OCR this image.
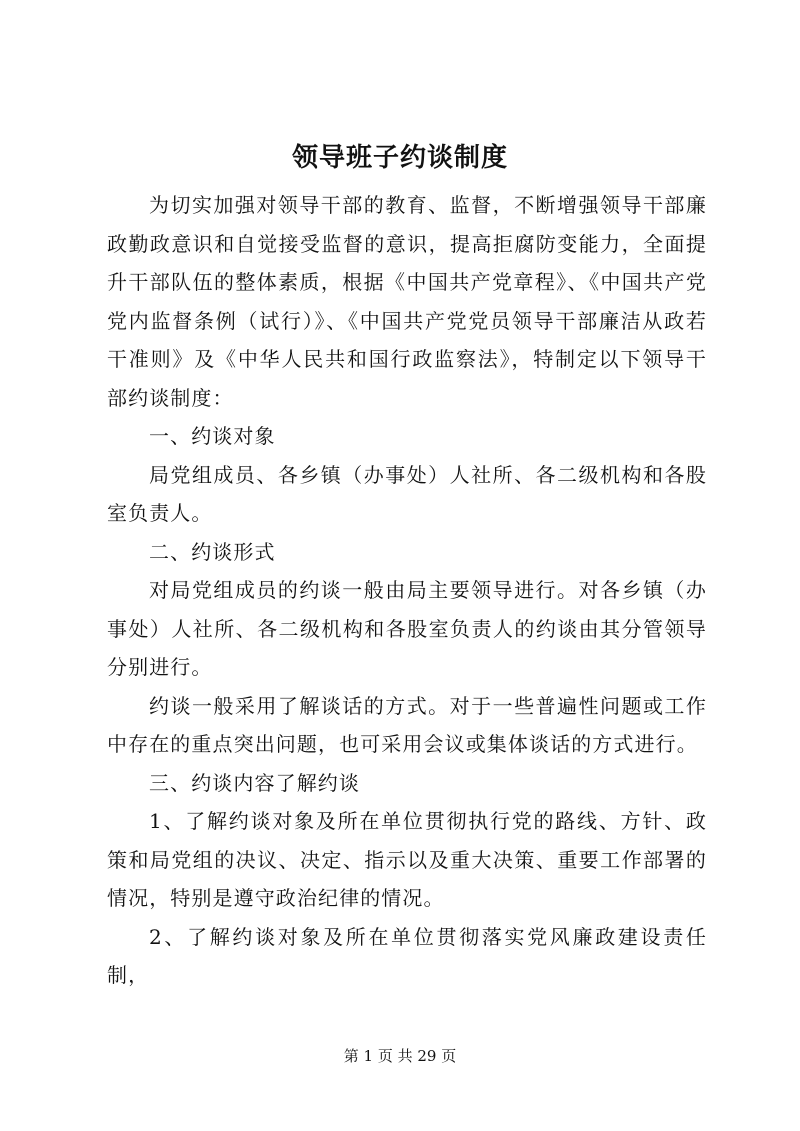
领导班子约谈制度

为切实加强对领导干部的教育、监督，不断增强领导干部廉政勤政意识和自觉接受监督的意识，提高拒腐防变能力，全面提升干部队伍的整体素质，根据《中国共产党章程》、《中国共产党党内监督条例（试行）》、《中国共产党党员领导干部廉洁从政若干准则》及《中华人民共和国行政监察法》，特制定以下领导干部约谈制度：

一、约谈对象

局党组成员、各乡镇（办事处）人社所、各二级机构和各股室负责人。

二、约谈形式

对局党组成员的约谈一般由局主要领导进行。对各乡镇（办事处）人社所、各二级机构和各股室负责人的约谈由其分管领导分别进行。

约谈一般采用了解谈话的方式。对于一些普遍性问题或工作中存在的重点突出问题，也可采用会议或集体谈话的方式进行。

三、约谈内容了解约谈

1、了解约谈对象及所在单位贯彻执行党的路线、方针、政策和局党组的决议、决定、指示以及重大决策、重要工作部署的情况，特别是遵守政治纪律的情况。

2、了解约谈对象及所在单位贯彻落实党风廉政建设责任制，

第 1 页 共 29 页
